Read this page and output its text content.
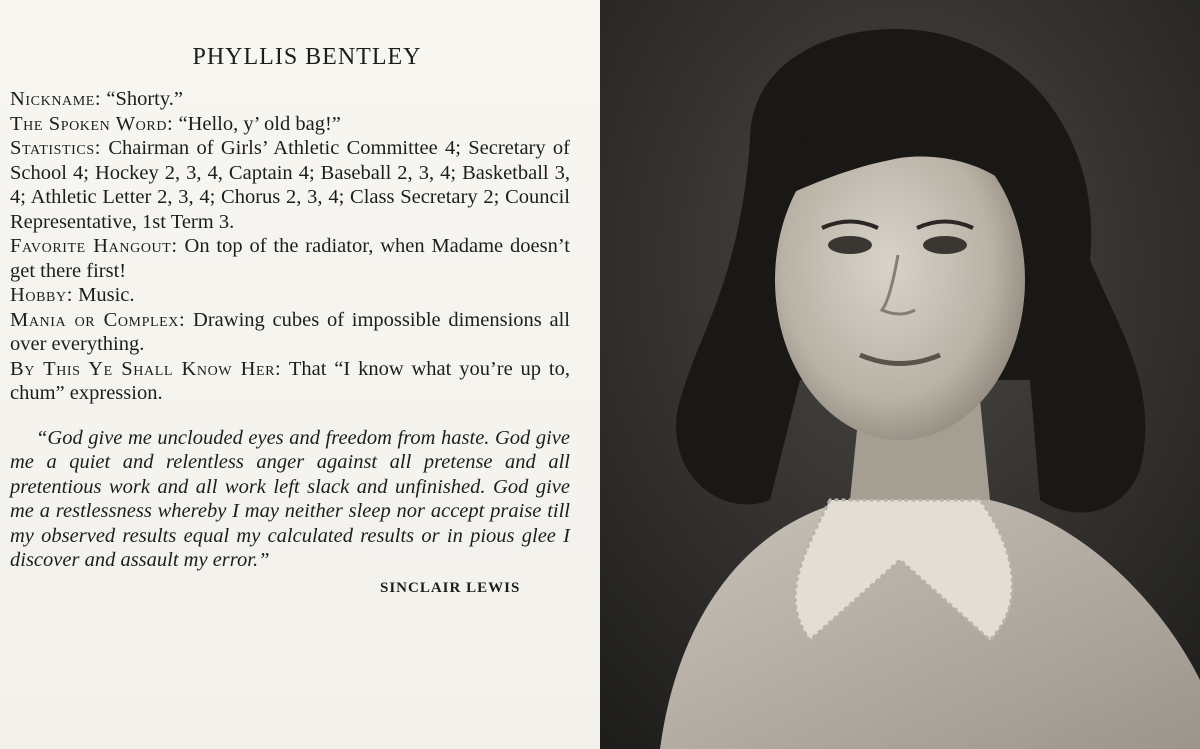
PHYLLIS BENTLEY

Nickname: “Shorty.”

The Spoken Word: “Hello, y’ old bag!”

Statistics: Chairman of Girls’ Athletic Committee 4; Secretary of School 4; Hockey 2, 3, 4, Captain 4; Baseball 2, 3, 4; Basketball 3, 4; Athletic Letter 2, 3, 4; Chorus 2, 3, 4; Class Secretary 2; Council Representative, 1st Term 3.

Favorite Hangout: On top of the radiator, when Madame doesn’t get there first!

Hobby: Music.

Mania or Complex: Drawing cubes of impossible dimensions all over everything.

By This Ye Shall Know Her: That “I know what you’re up to, chum” expression.

“God give me unclouded eyes and freedom from haste. God give me a quiet and relentless anger against all pretense and all pretentious work and all work left slack and unfinished. God give me a restlessness whereby I may neither sleep nor accept praise till my observed results equal my calculated results or in pious glee I discover and assault my error.”

SINCLAIR LEWIS
